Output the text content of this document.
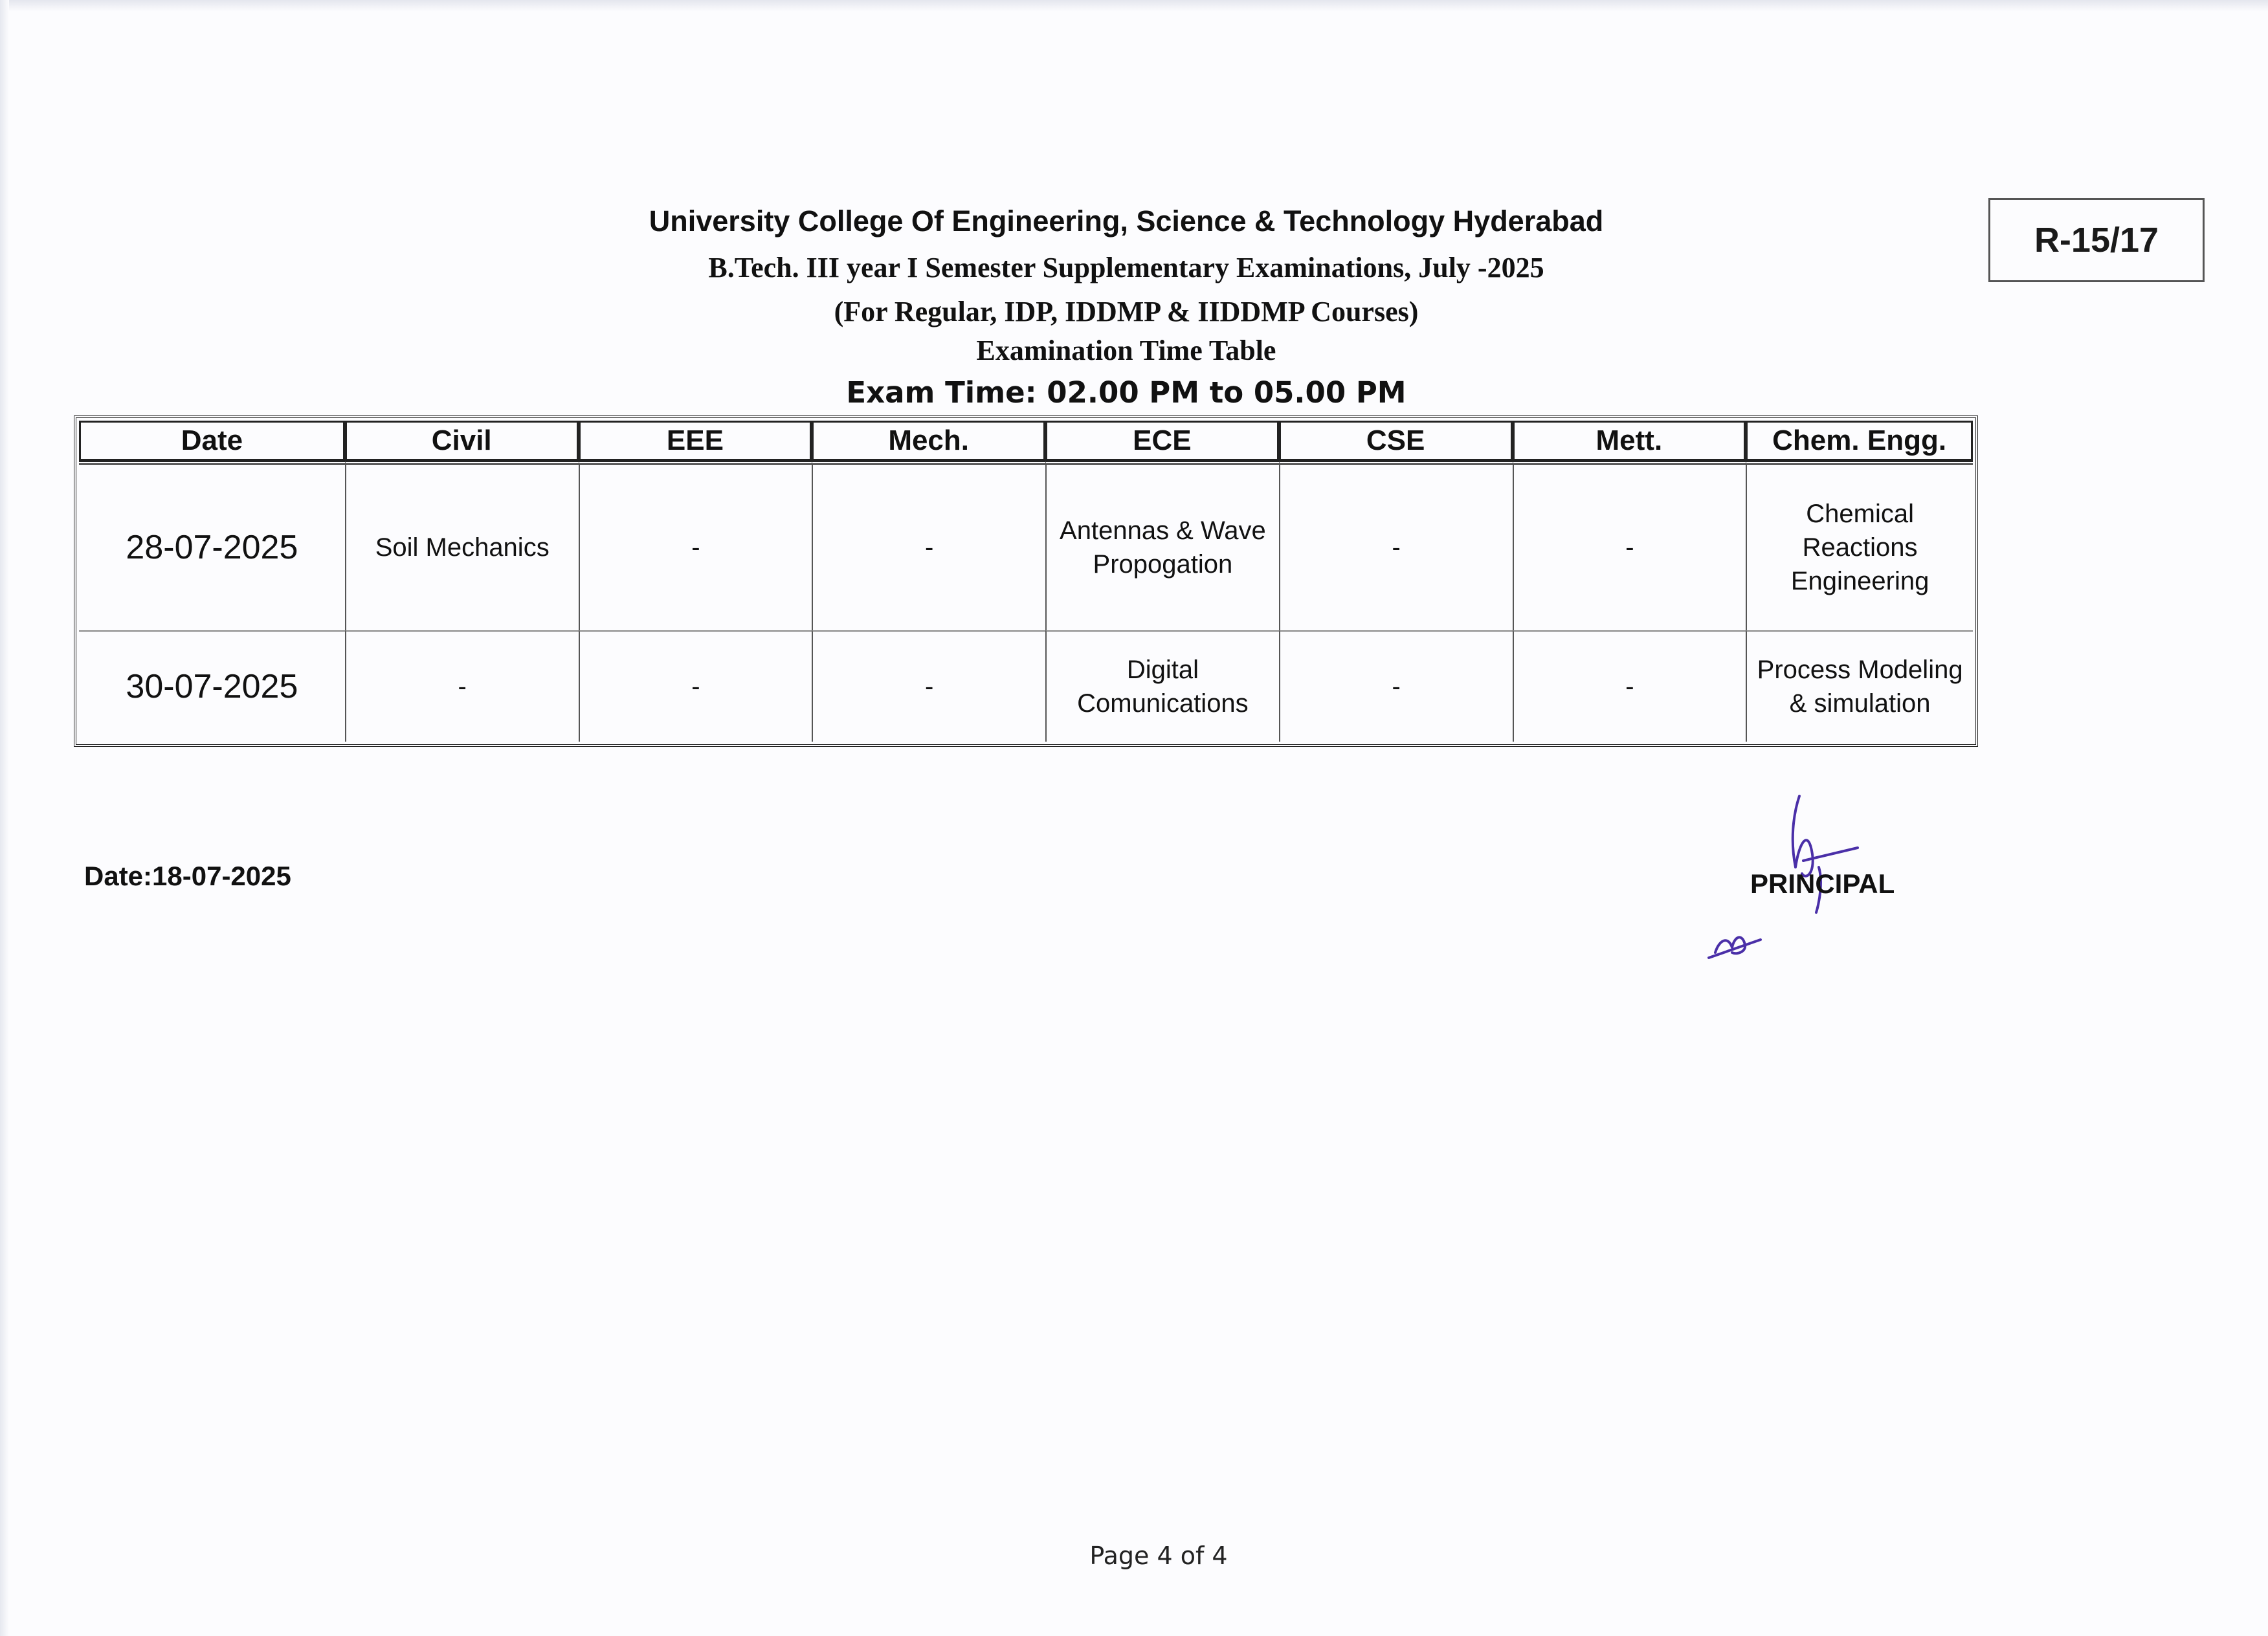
R-15/17
University College Of Engineering, Science & Technology Hyderabad
B.Tech. III year I Semester Supplementary Examinations, July -2025
(For Regular, IDP, IDDMP & IIDDMP Courses)
Examination Time Table
Exam Time: 02.00 PM to 05.00 PM
Date	Civil	EEE	Mech.	ECE	CSE	Mett.	Chem. Engg.
28-07-2025	Soil Mechanics	-	-	Antennas & Wave Propogation	-	-	Chemical Reactions Engineering
30-07-2025	-	-	-	Digital Comunications	-	-	Process Modeling & simulation
Date:18-07-2025	PRINCIPAL
Page 4 of 4
